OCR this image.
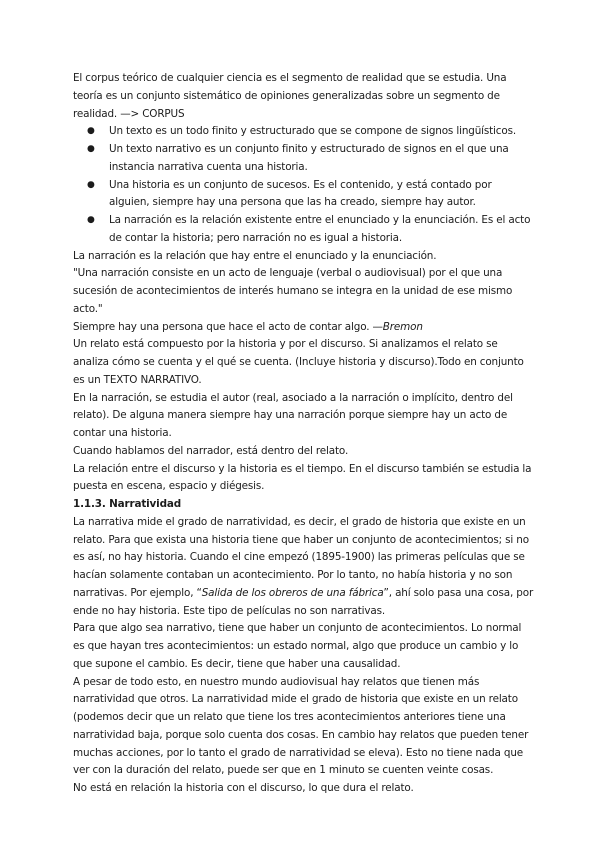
El corpus teórico de cualquier ciencia es el segmento de realidad que se estudia. Una teoría es un conjunto sistemático de opiniones generalizadas sobre un segmento de realidad. —> CORPUS

● Un texto es un todo finito y estructurado que se compone de signos lingüísticos.
● Un texto narrativo es un conjunto finito y estructurado de signos en el que una instancia narrativa cuenta una historia.
● Una historia es un conjunto de sucesos. Es el contenido, y está contado por alguien, siempre hay una persona que las ha creado, siempre hay autor.
● La narración es la relación existente entre el enunciado y la enunciación. Es el acto de contar la historia; pero narración no es igual a historia.

La narración es la relación que hay entre el enunciado y la enunciación.

"Una narración consiste en un acto de lenguaje (verbal o audiovisual) por el que una sucesión de acontecimientos de interés humano se integra en la unidad de ese mismo acto."

Siempre hay una persona que hace el acto de contar algo. —Bremon

Un relato está compuesto por la historia y por el discurso. Si analizamos el relato se analiza cómo se cuenta y el qué se cuenta. (Incluye historia y discurso).Todo en conjunto es un TEXTO NARRATIVO.

En la narración, se estudia el autor (real, asociado a la narración o implícito, dentro del relato). De alguna manera siempre hay una narración porque siempre hay un acto de contar una historia.

Cuando hablamos del narrador, está dentro del relato.

La relación entre el discurso y la historia es el tiempo. En el discurso también se estudia la puesta en escena, espacio y diégesis.

1.1.3. Narratividad

La narrativa mide el grado de narratividad, es decir, el grado de historia que existe en un relato. Para que exista una historia tiene que haber un conjunto de acontecimientos; si no es así, no hay historia. Cuando el cine empezó (1895-1900) las primeras películas que se hacían solamente contaban un acontecimiento. Por lo tanto, no había historia y no son narrativas. Por ejemplo, “Salida de los obreros de una fábrica”, ahí solo pasa una cosa, por ende no hay historia. Este tipo de películas no son narrativas.

Para que algo sea narrativo, tiene que haber un conjunto de acontecimientos. Lo normal es que hayan tres acontecimientos: un estado normal, algo que produce un cambio y lo que supone el cambio. Es decir, tiene que haber una causalidad.

A pesar de todo esto, en nuestro mundo audiovisual hay relatos que tienen más narratividad que otros. La narratividad mide el grado de historia que existe en un relato (podemos decir que un relato que tiene los tres acontecimientos anteriores tiene una narratividad baja, porque solo cuenta dos cosas. En cambio hay relatos que pueden tener muchas acciones, por lo tanto el grado de narratividad se eleva). Esto no tiene nada que ver con la duración del relato, puede ser que en 1 minuto se cuenten veinte cosas.

No está en relación la historia con el discurso, lo que dura el relato.
